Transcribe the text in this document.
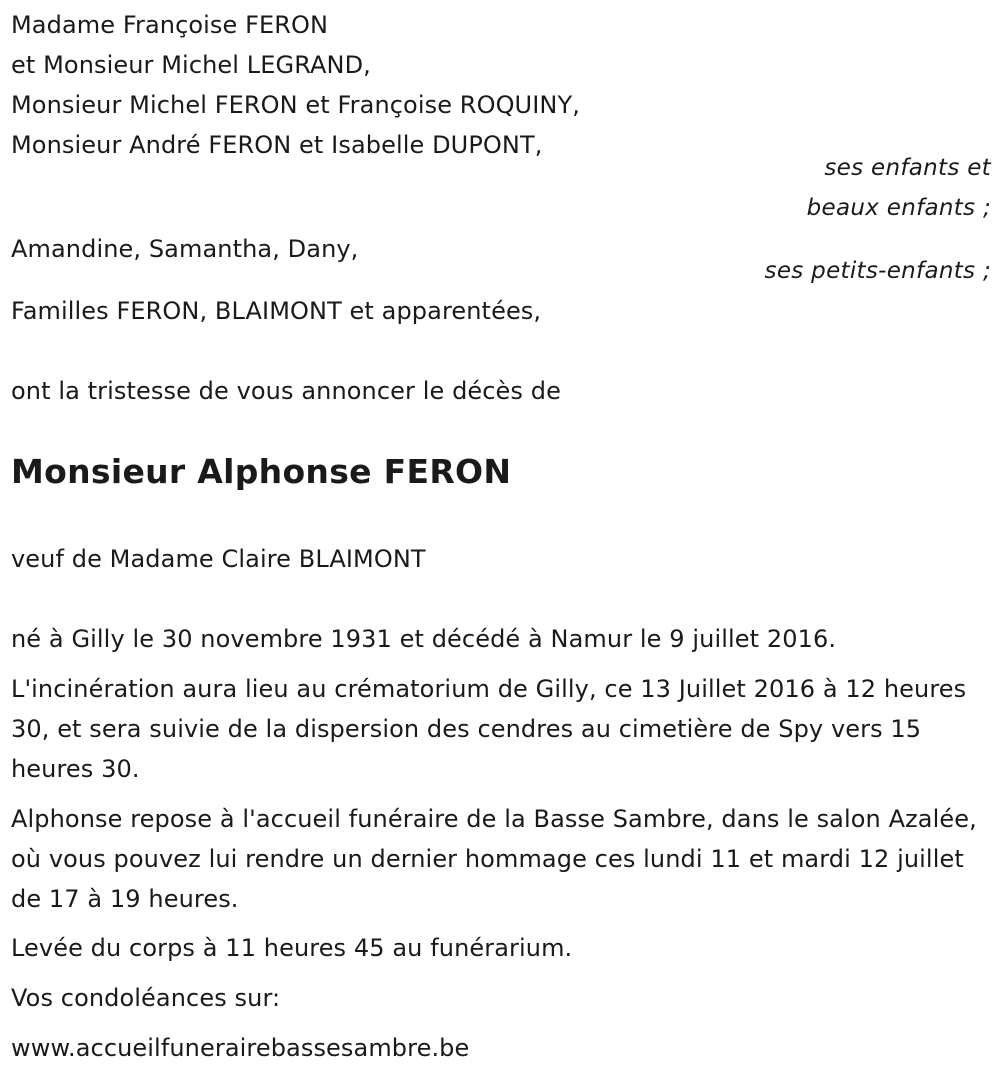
Madame Françoise FERON
et Monsieur Michel LEGRAND,
Monsieur Michel FERON et Françoise ROQUINY,
Monsieur André FERON et Isabelle DUPONT,
ses enfants et
beaux enfants ;
Amandine, Samantha, Dany,
ses petits-enfants ;
Familles FERON, BLAIMONT et apparentées,
ont la tristesse de vous annoncer le décès de
Monsieur Alphonse FERON
veuf de Madame Claire BLAIMONT
né à Gilly le 30 novembre 1931 et décédé à Namur le 9 juillet 2016.
L'incinération aura lieu au crématorium de Gilly, ce 13 Juillet 2016 à 12 heures 30, et sera suivie de la dispersion des cendres au cimetière de Spy vers 15 heures 30.
Alphonse repose à l'accueil funéraire de la Basse Sambre, dans le salon Azalée, où vous pouvez lui rendre un dernier hommage ces lundi 11 et mardi 12 juillet de 17 à 19 heures.
Levée du corps à 11 heures 45 au funérarium.
Vos condoléances sur:
www.accueilfunerairebassesambre.be
